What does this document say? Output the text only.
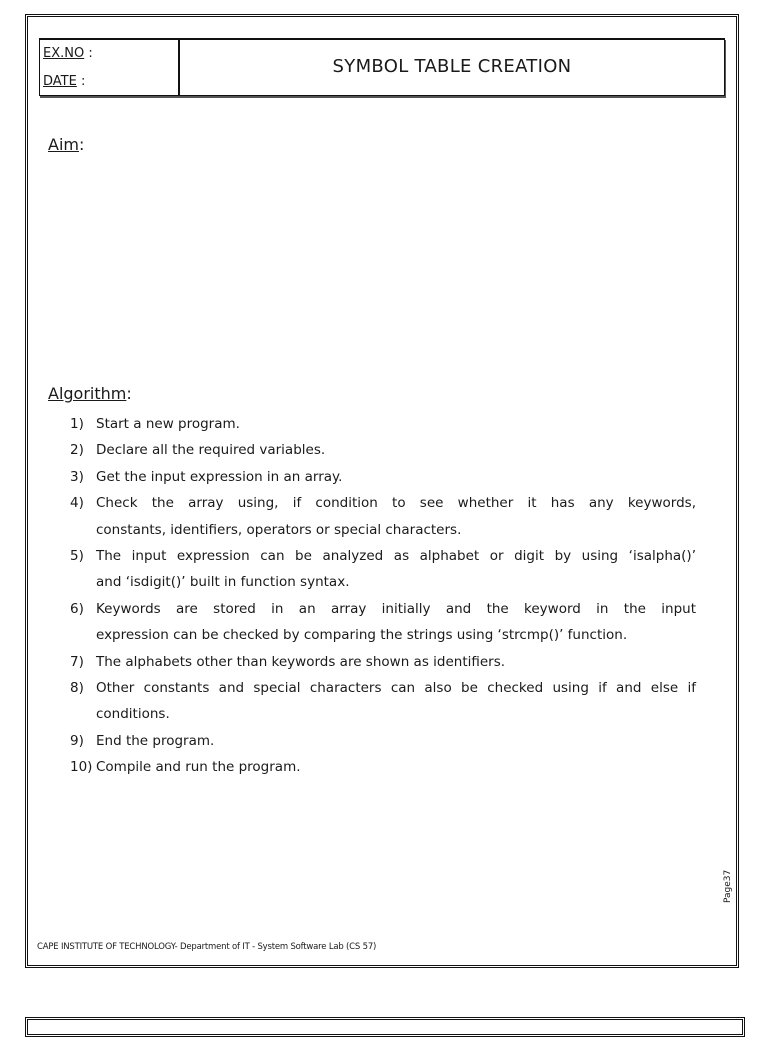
EX.NO :
DATE :
SYMBOL TABLE CREATION
Aim:
Algorithm:
1) Start a new program.
2) Declare all the required variables.
3) Get the input expression in an array.
4) Check the array using, if condition to see whether it has any keywords,
constants, identifiers, operators or special characters.
5) The input expression can be analyzed as alphabet or digit by using ‘isalpha()’
and ‘isdigit()’ built in function syntax.
6) Keywords are stored in an array initially and the keyword in the input
expression can be checked by comparing the strings using ‘strcmp()’ function.
7) The alphabets other than keywords are shown as identifiers.
8) Other constants and special characters can also be checked using if and else if
conditions.
9) End the program.
10) Compile and run the program.
Page37
CAPE INSTITUTE OF TECHNOLOGY- Department of IT - System Software Lab (CS 57)
